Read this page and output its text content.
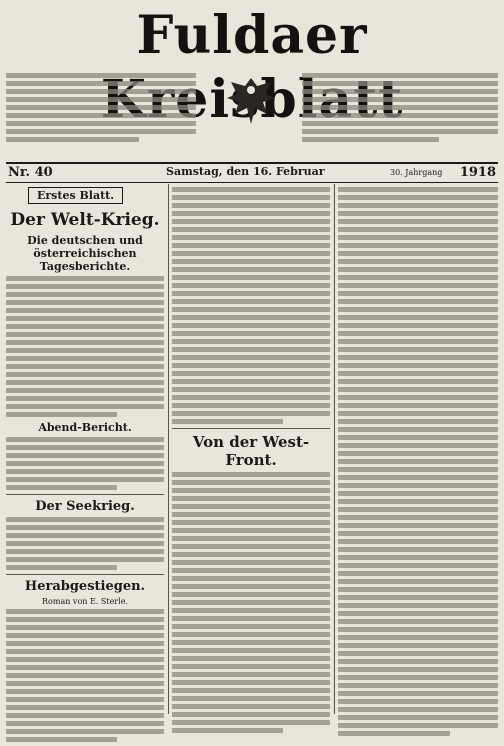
Fuldaer
Nr. 40	Samstag, den 16. Februar	30. Jahrgang 1918
Erstes Blatt.
Der Welt-Krieg.
Die deutschen und österreichischen Tagesberichte.
Abend-Bericht.
Der Seekrieg.
Herabgestiegen.
Roman von E. Sterle.
Von der West-Front.
